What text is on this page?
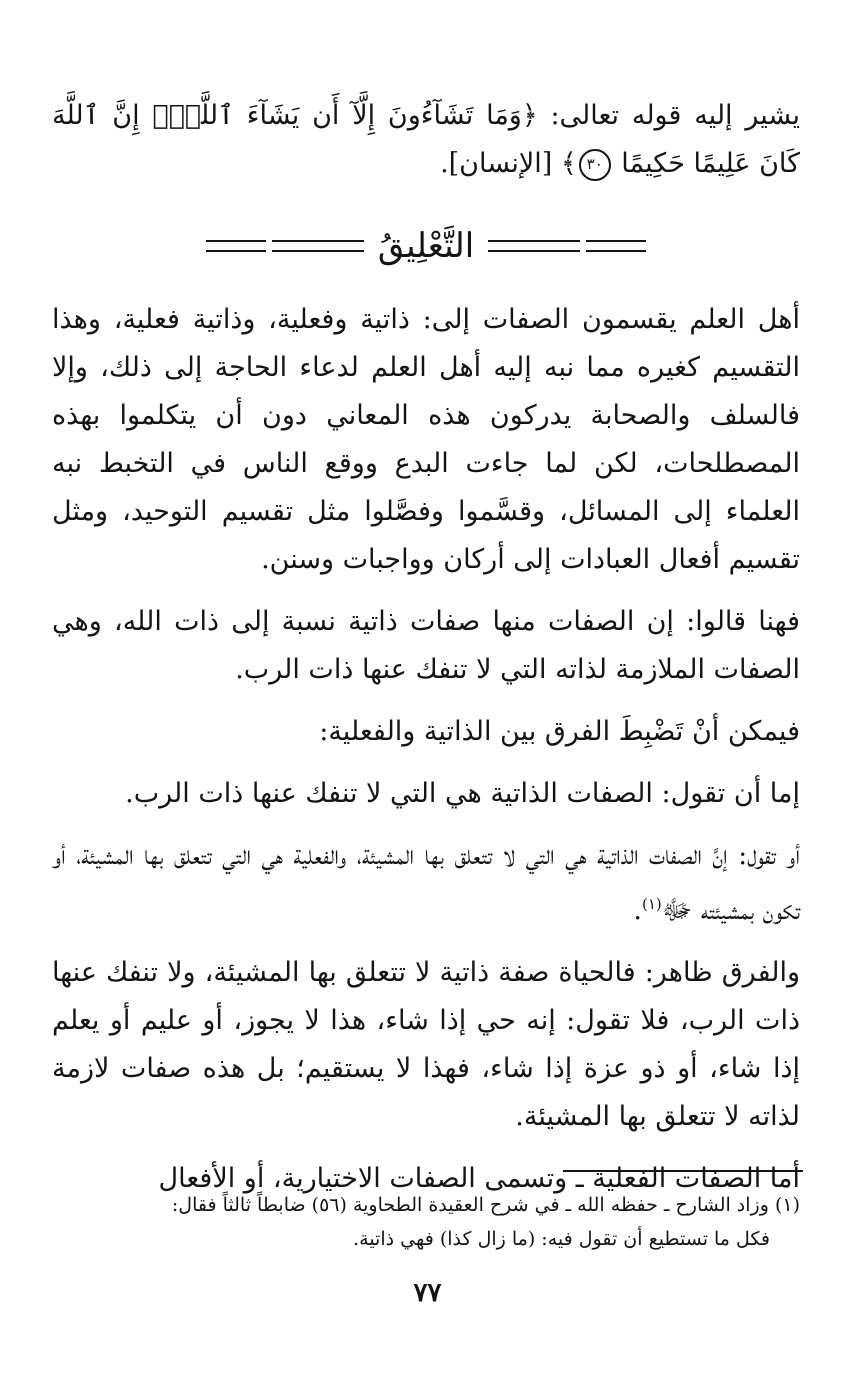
يشير إليه قوله تعالى: ﴿وَمَا تَشَآءُونَ إِلَّآ أَن يَشَآءَ ٱللَّهُۚ إِنَّ ٱللَّهَ كَانَ عَلِيمًا حَكِيمًا ٣٠﴾ [الإنسان].

التَّعْلِيقُ

أهل العلم يقسمون الصفات إلى: ذاتية وفعلية، وذاتية فعلية، وهذا التقسيم كغيره مما نبه إليه أهل العلم لدعاء الحاجة إلى ذلك، وإلا فالسلف والصحابة يدركون هذه المعاني دون أن يتكلموا بهذه المصطلحات، لكن لما جاءت البدع ووقع الناس في التخبط نبه العلماء إلى المسائل، وقسَّموا وفصَّلوا مثل تقسيم التوحيد، ومثل تقسيم أفعال العبادات إلى أركان وواجبات وسنن.

فهنا قالوا: إن الصفات منها صفات ذاتية نسبة إلى ذات الله، وهي الصفات الملازمة لذاته التي لا تنفك عنها ذات الرب.

فيمكن أنْ تَضْبِطَ الفرق بين الذاتية والفعلية:

إما أن تقول: الصفات الذاتية هي التي لا تنفك عنها ذات الرب.

أو تقول: إنَّ الصفات الذاتية هي التي لا تتعلق بها المشيئة، والفعلية هي التي تتعلق بها المشيئة، أو تكون بمشيئته ﷻ$^{(١)}$.

والفرق ظاهر: فالحياة صفة ذاتية لا تتعلق بها المشيئة، ولا تنفك عنها ذات الرب، فلا تقول: إنه حي إذا شاء، هذا لا يجوز، أو عليم أو يعلم إذا شاء، أو ذو عزة إذا شاء، فهذا لا يستقيم؛ بل هذه صفات لازمة لذاته لا تتعلق بها المشيئة.

أما الصفات الفعلية ـ وتسمى الصفات الاختيارية، أو الأفعال

(١) وزاد الشارح ـ حفظه الله ـ في شرح العقيدة الطحاوية (٥٦) ضابطاً ثالثاً فقال:
فكل ما تستطيع أن تقول فيه: (ما زال كذا) فهي ذاتية.
٧٧
